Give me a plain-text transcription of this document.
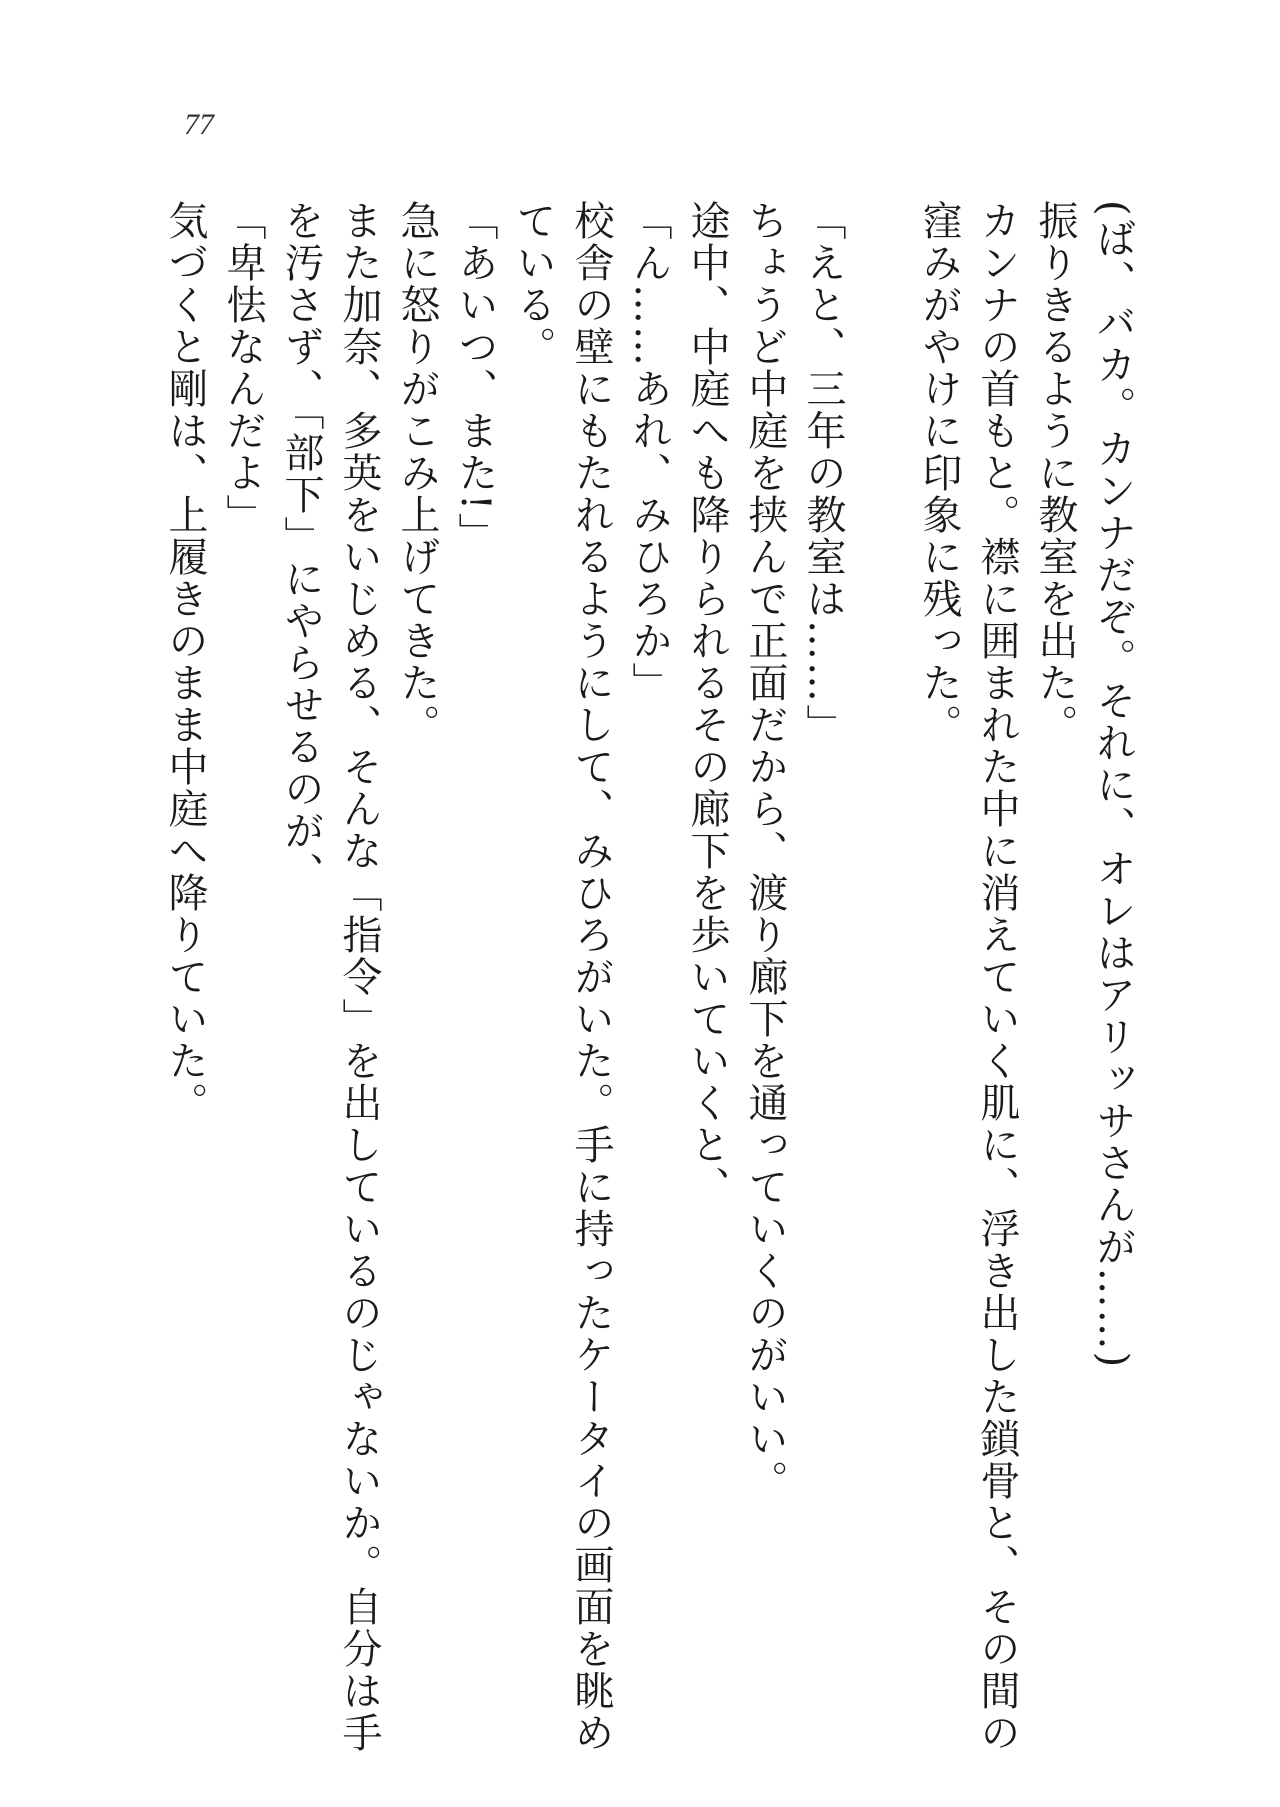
77
(ば、バカ。カンナだぞ。それに、オレはアリッサさんが……)
振りきるように教室を出た。
カンナの首もと。襟に囲まれた中に消えていく肌に、浮き出した鎖骨と、その間の
窪みがやけに印象に残った。

「えと、三年の教室は……」
ちょうど中庭を挟んで正面だから、渡り廊下を通っていくのがいい。
途中、中庭へも降りられるその廊下を歩いていくと、
「ん……あれ、みひろか」
校舎の壁にもたれるようにして、みひろがいた。手に持ったケータイの画面を眺め
ている。
「あいつ、また!」
急に怒りがこみ上げてきた。
また加奈、多英をいじめる、そんな「指令」を出しているのじゃないか。自分は手
を汚さず、「部下」にやらせるのが、
「卑怯なんだよ」
気づくと剛は、上履きのまま中庭へ降りていた。
